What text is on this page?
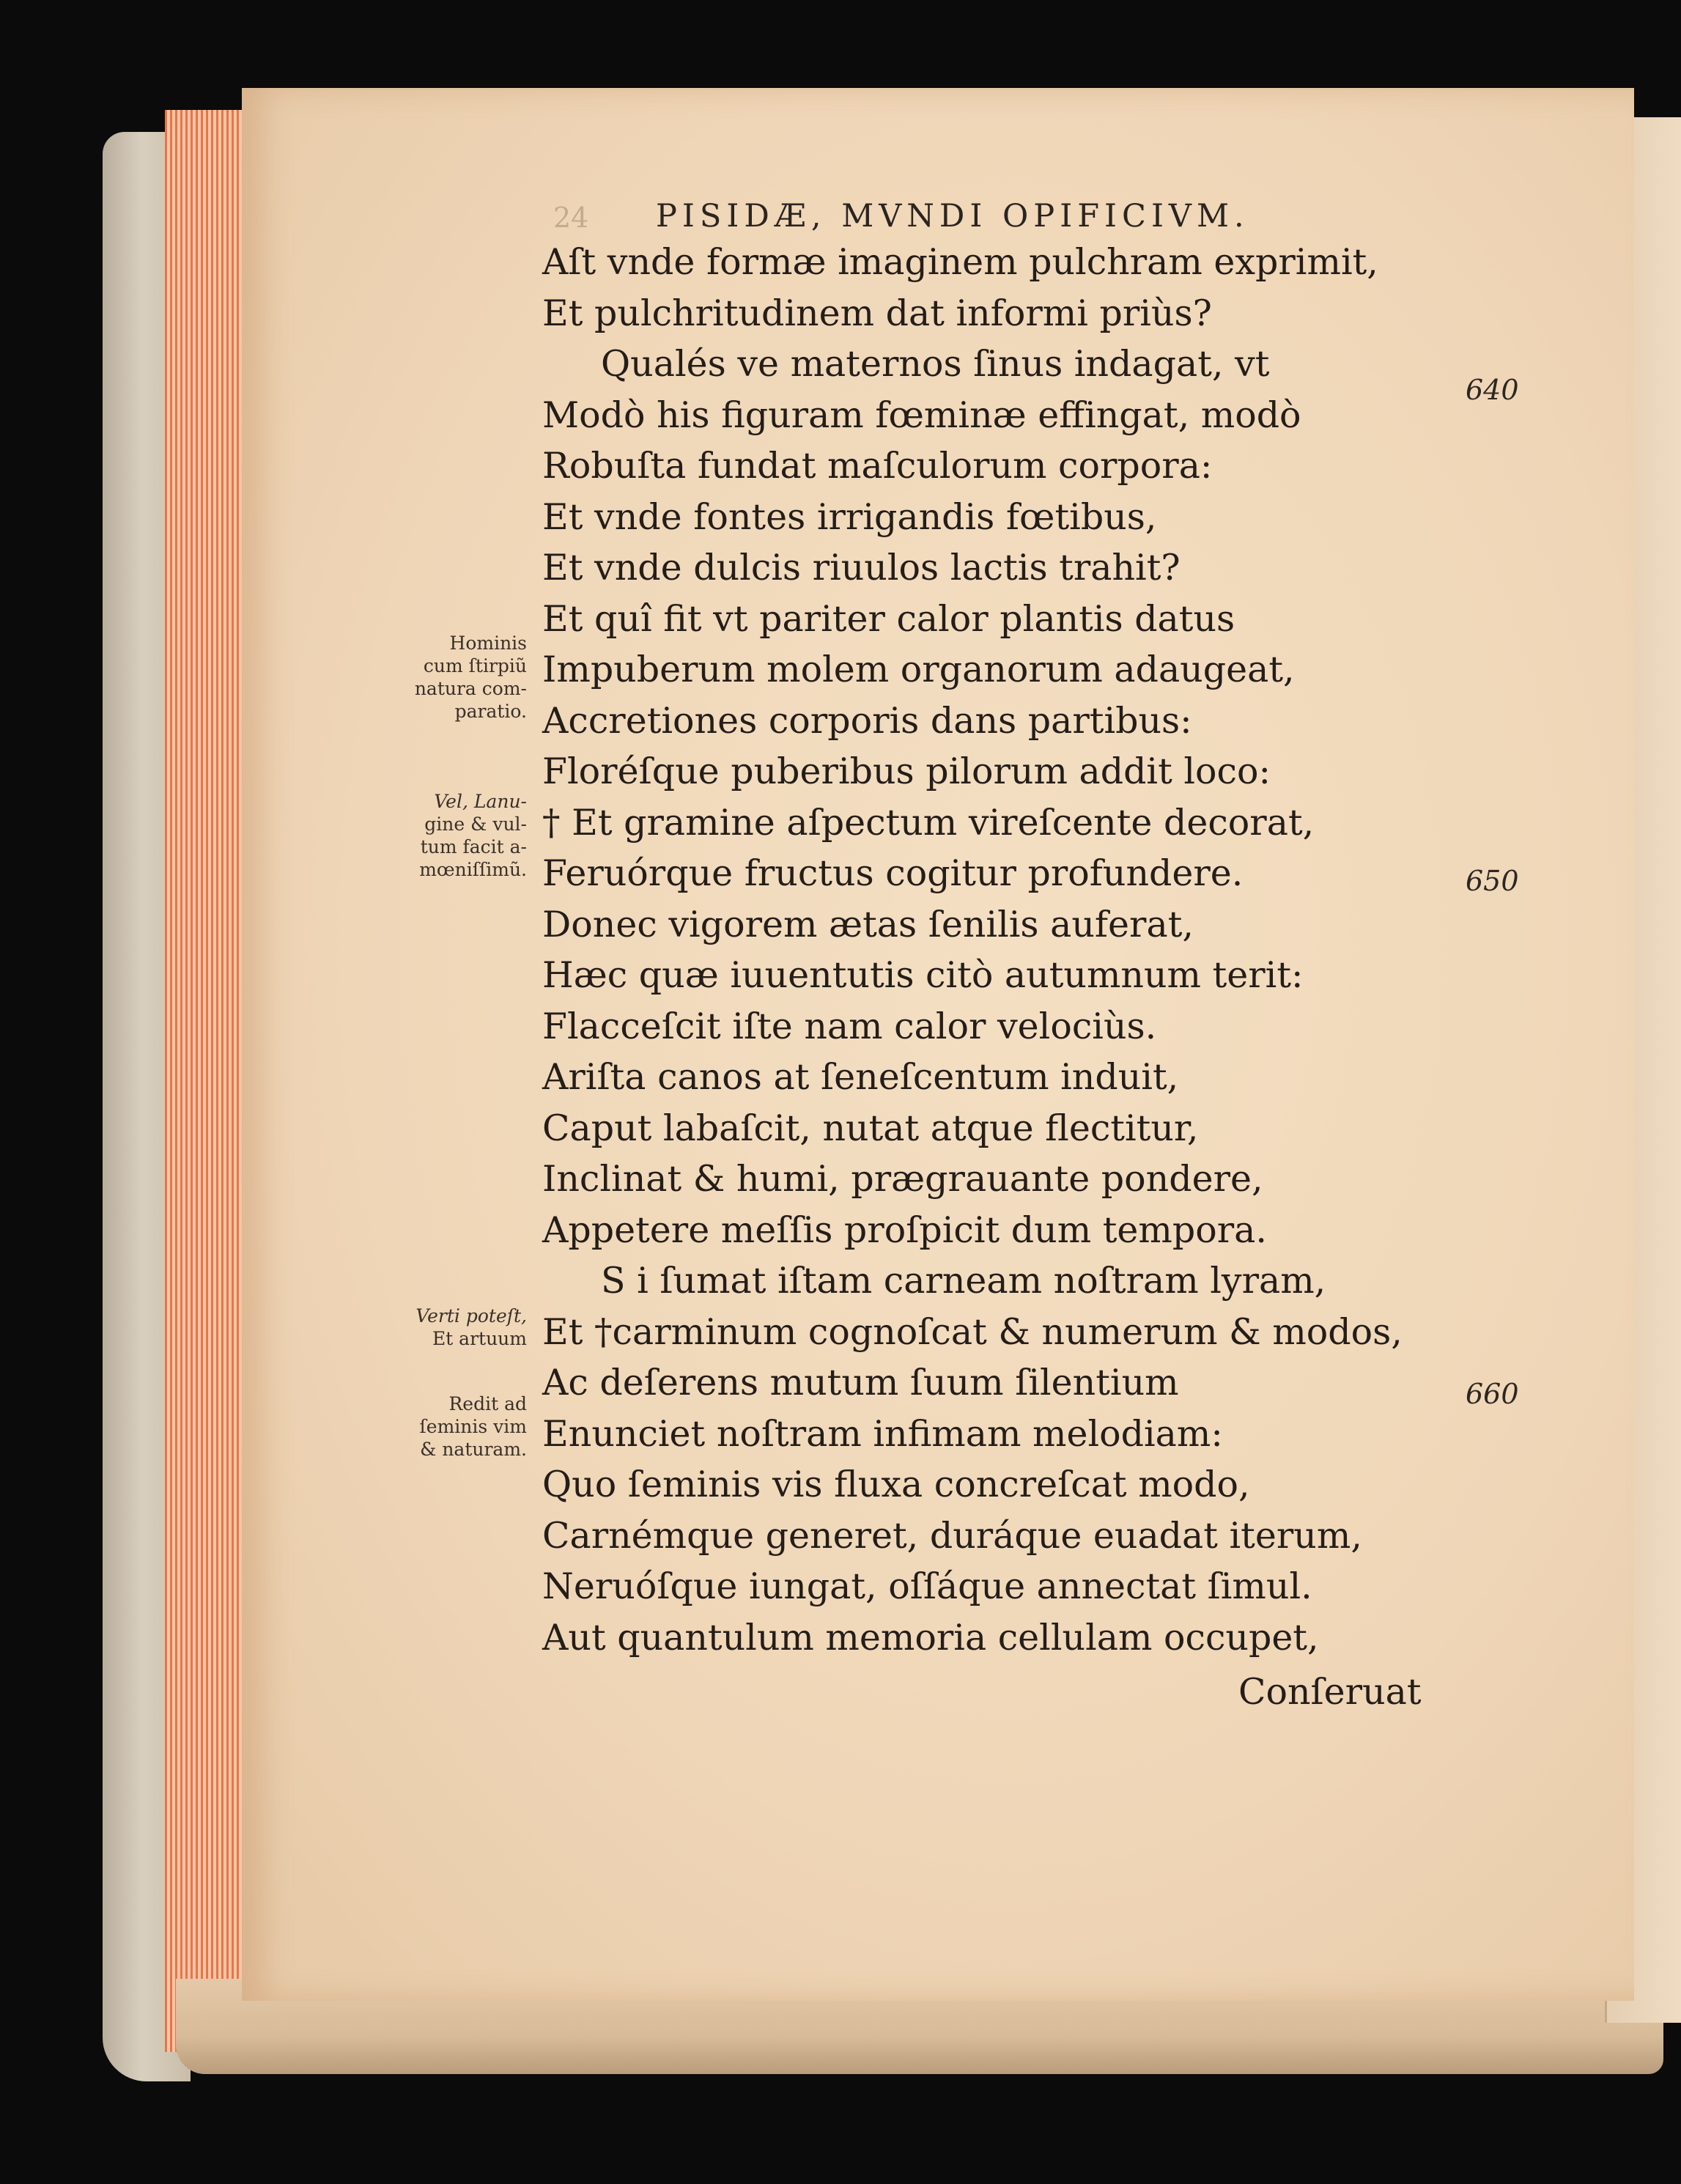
24	PISIDÆ, MVNDI OPIFICIVM.
Aſt vnde formæ imaginem pulchram exprimit,
Et pulchritudinem dat informi priùs?
Qualés ve maternos ſinus indagat, vt
Modò his figuram fœminæ effingat, modò
Robuſta fundat maſculorum corpora:
Et vnde fontes irrigandis fœtibus,
Et vnde dulcis riuulos lactis trahit?
Et quî fit vt pariter calor plantis datus
Impuberum molem organorum adaugeat,
Accretiones corporis dans partibus:
Floréſque puberibus pilorum addit loco:
† Et gramine aſpectum vireſcente decorat,
Feruórque fructus cogitur profundere.
Donec vigorem ætas ſenilis auferat,
Hæc quæ iuuentutis citò autumnum terit:
Flacceſcit iſte nam calor velociùs.
Ariſta canos at ſeneſcentum induit,
Caput labaſcit, nutat atque flectitur,
Inclinat & humi, prægrauante pondere,
Appetere meſſis proſpicit dum tempora.
S i ſumat iſtam carneam noſtram lyram,
Et †carminum cognoſcat & numerum & modos,
Ac deſerens mutum ſuum ſilentium
Enunciet noſtram infimam melodiam:
Quo ſeminis vis fluxa concreſcat modo,
Carnémque generet, duráque euadat iterum,
Neruóſque iungat, oſſáque annectat ſimul.
Aut quantulum memoria cellulam occupet,
Conſeruat
640
650
660
Hominis
cum ſtirpiũ
natura com-
paratio.
Vel, Lanu-
gine & vul-
tum facit a-
mœniſſimũ.
Verti poteſt,
Et artuum
Redit ad
ſeminis vim
& naturam.
